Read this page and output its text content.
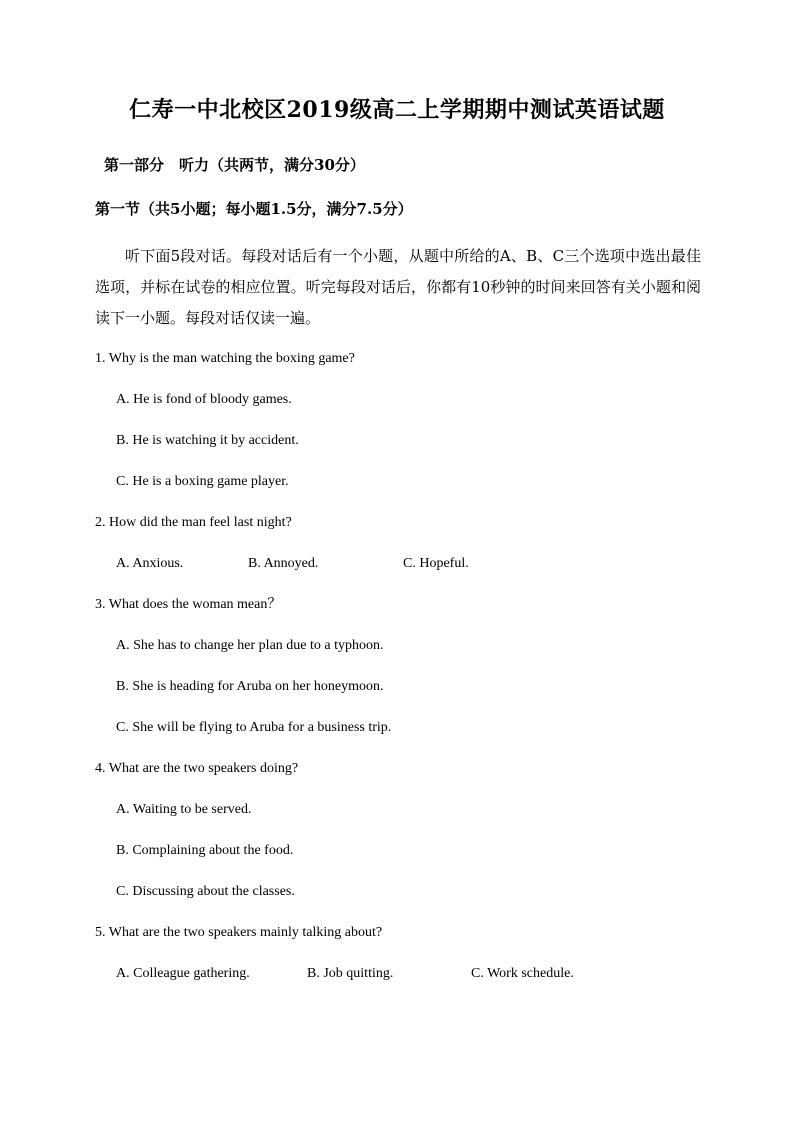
仁寿一中北校区2019级高二上学期期中测试英语试题
第一部分　听力（共两节，满分30分）
第一节（共5小题；每小题1.5分，满分7.5分）
听下面5段对话。每段对话后有一个小题，从题中所给的A、B、C三个选项中选出最佳选项，并标在试卷的相应位置。听完每段对话后，你都有10秒钟的时间来回答有关小题和阅读下一小题。每段对话仅读一遍。
1. Why is the man watching the boxing game?
A. He is fond of bloody games.
B. He is watching it by accident.
C. He is a boxing game player.
2. How did the man feel last night?
A. Anxious.	B. Annoyed.	C. Hopeful.
3. What does the woman mean？
A. She has to change her plan due to a typhoon.
B. She is heading for Aruba on her honeymoon.
C. She will be flying to Aruba for a business trip.
4. What are the two speakers doing?
A. Waiting to be served.
B. Complaining about the food.
C. Discussing about the classes.
5. What are the two speakers mainly talking about?
A. Colleague gathering.	B. Job quitting.	C. Work schedule.
